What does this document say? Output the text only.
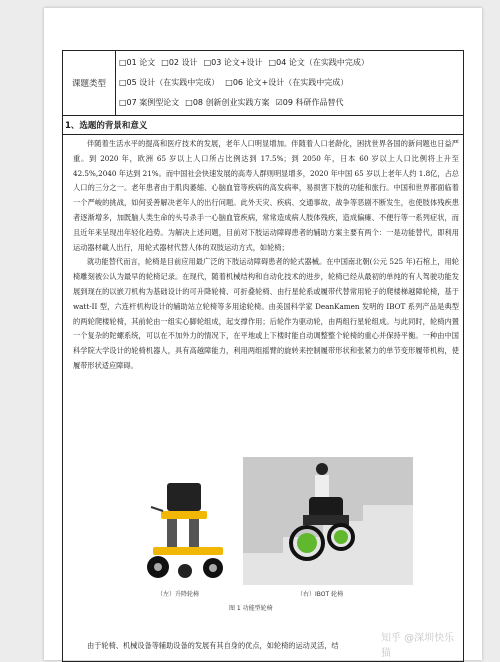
课题类型
□01 论文 □02 设计 □03 论文+设计 □04 论文（在实践中完成）
□05 设计（在实践中完成） □06 论文+设计（在实践中完成）
□07 案例型论文 □08 创新创业实践方案 ☑09 科研作品替代
1、选题的背景和意义

伴随着生活水平的提高和医疗技术的发展，老年人口明显增加。伴随着人口老龄化，困扰世界各国的新问题也日益严重。到 2020 年，欧洲 65 岁以上人口所占比例达到 17.5%；到 2050 年，日本 60 岁以上人口比例将上升至 42.5%,2040 年达到 21%。而中国社会快速发展的高寿人群则明显增多，2020 年中国 65 岁以上老年人约 1.8亿，占总人口的三分之一。老年患者由于肌肉萎缩、心脑血管等疾病的高发病率，易损害下肢的功能和旅行。中国和世界都面临着一个严峻的挑战，如何妥善解决老年人的出行问题。此外天灾、疾病、交通事故、战争等恶剧不断发生，也使肢体残疾患者逐渐增多，加既脑人类生命的头号杀手一心脑血管疾病，常常造成病人肢体残疾，造成偏瘫、不便行等一系列症状，而且近年来呈现出年轻化趋势。为解决上述问题，目前对下肢运动障碍患者的辅助方案主要有两个：一是功能替代，即利用运动器材載人出行，用轮式器材代替人体的双肢运动方式，如轮椅；

就功能替代而言，轮椅是目前应用最广泛的下肢运动障碍患者的轮式器械。在中国南北朝(公元 525 年)石棺上，用轮椅雕刻被公认为最早的轮椅记录。在现代，随着机械结构和自动化技术的进步，轮椅已经从最初的单纯的有人驾驶功能发展到现在的以嵌刀机构为基础设计的可升降轮椅、可折叠轮椅、由行星轮系或履带代替常用轮子的爬楼梯越障轮椅，基于 watt-II 型，六连杆机构设计的辅助站立轮椅等多用途轮椅。由美国科学家 DeanKamen 发明的 IBOT 系列产品是典型的两轮爬楼轮椅，其前轮由一组实心脚轮组成，起支撑作用；后轮作为驱动轮，由两组行星轮组成。与此同时，轮椅内置一个复杂的陀螺系统，可以在不加外力的情况下，在平地或上下楼时能自动调整整个轮椅的重心并保持平衡。一种由中国科学院大学设计的轮椅机器人，具有高越障能力，利用两组摇臂的旋转来控制履带形状和张紧力的单节变形履带机构，使履带形状适应障碍。

（左）升降轮椅	（右）IBOT 轮椅
图 1 功能型轮椅
知乎 @深圳快乐猫
由于轮椅、机械设备等辅助设备的发展有其自身的优点，如轮椅的运动灵活，结
